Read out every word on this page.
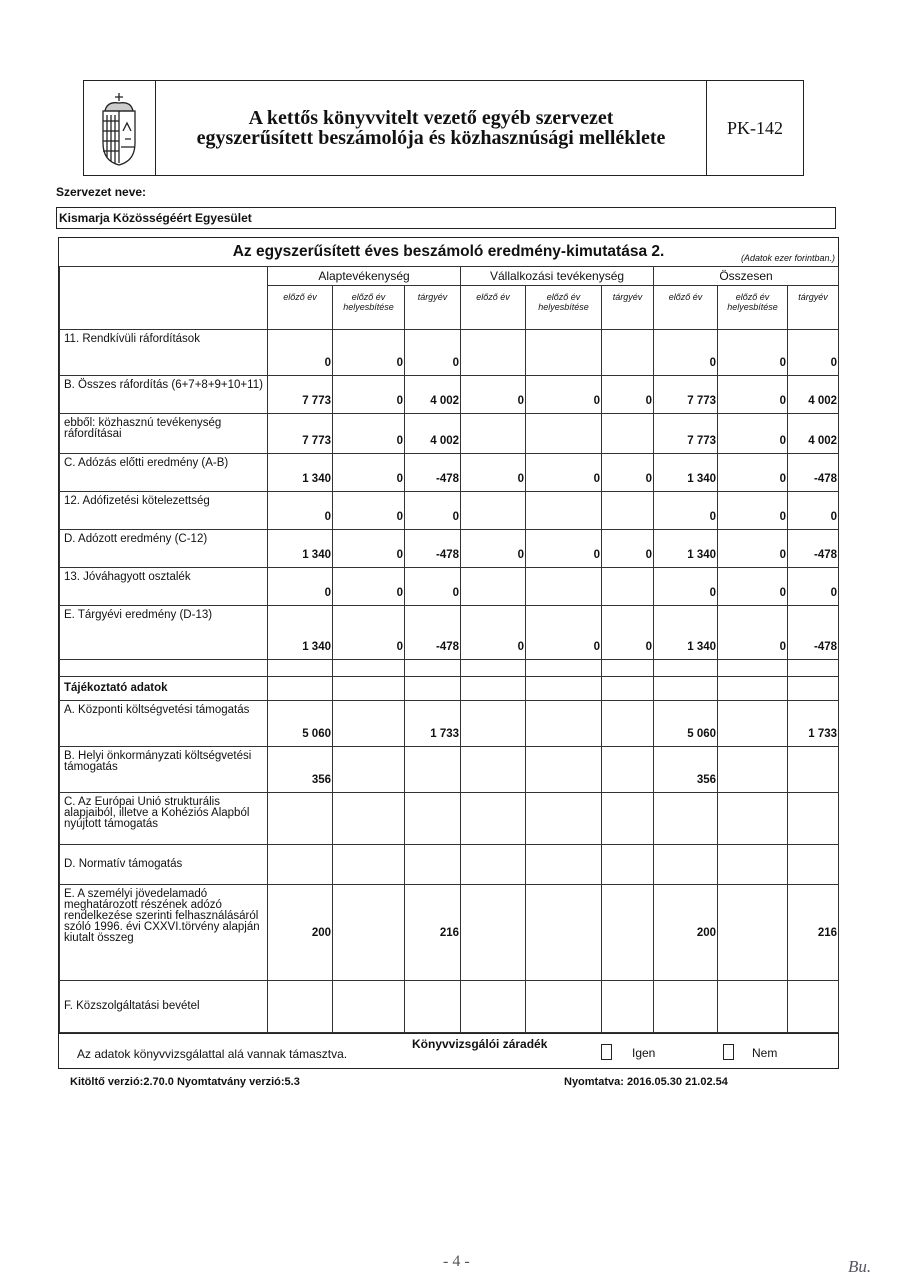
A kettős könyvvitelt vezető egyéb szervezet
egyszerűsített beszámolója és közhasznúsági melléklete	PK-142
Szervezet neve:
Kismarja Közösségéért Egyesület
Az egyszerűsített éves beszámoló eredmény-kimutatása 2.	(Adatok ezer forintban.)
	Alaptevékenység			Vállalkozási tevékenység			Összesen		
	előző év	előző év helyesbítése	tárgyév	előző év	előző év helyesbítése	tárgyév	előző év	előző év helyesbítése	tárgyév
11. Rendkívüli ráfordítások	0	0	0				0	0	0
B. Összes ráfordítás (6+7+8+9+10+11)	7 773	0	4 002	0	0	0	7 773	0	4 002
ebből: közhasznú tevékenység ráfordításai	7 773	0	4 002				7 773	0	4 002
C. Adózás előtti eredmény (A-B)	1 340	0	-478	0	0	0	1 340	0	-478
12. Adófizetési kötelezettség	0	0	0				0	0	0
D. Adózott eredmény (C-12)	1 340	0	-478	0	0	0	1 340	0	-478
13. Jóváhagyott osztalék	0	0	0				0	0	0
E. Tárgyévi eredmény (D-13)	1 340	0	-478	0	0	0	1 340	0	-478

Tájékoztató adatok									
A. Központi költségvetési támogatás	5 060		1 733				5 060		1 733
B. Helyi önkormányzati költségvetési támogatás	356						356		
C. Az Európai Unió strukturális alapjaiból, illetve a Kohéziós Alapból nyújtott támogatás									
D. Normatív támogatás									
E. A személyi jövedelamadó meghatározott részének adózó rendelkezése szerinti felhasználásáról szóló 1996. évi CXXVI.törvény alapján kiutalt összeg	200		216				200		216
F. Közszolgáltatási bevétel									
Az adatok könyvvizsgálattal alá vannak támasztva.
Könyvvizsgálói záradék
Igen	Nem
Kitöltő verzió:2.70.0 Nyomtatvány verzió:5.3	Nyomtatva: 2016.05.30 21.02.54
- 4 -	Bu.
